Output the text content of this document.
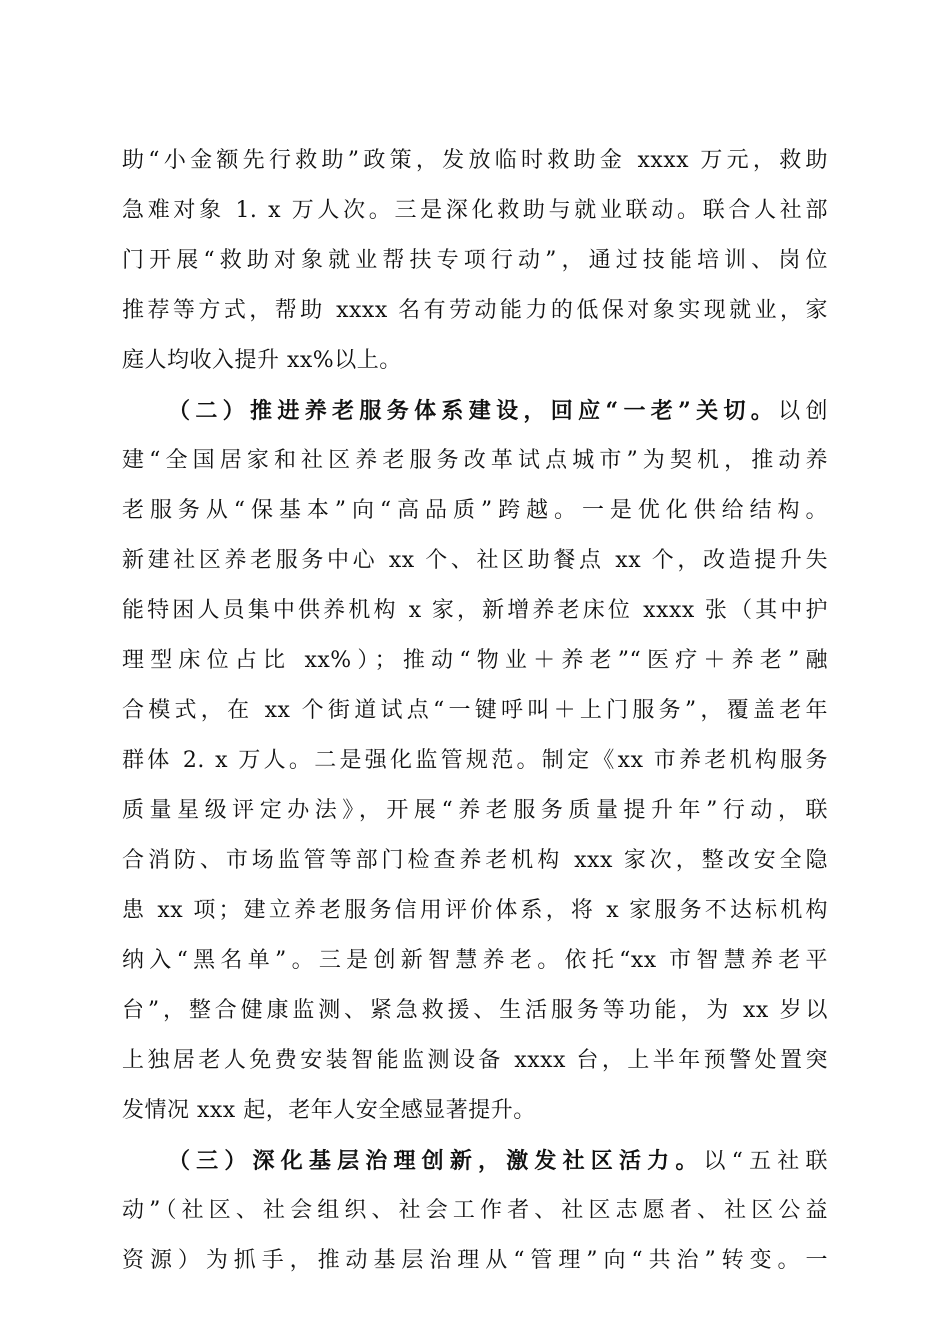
助“小金额先行救助”政策，发放临时救助金 xxxx 万元，救助
急难对象 1. x 万人次。三是深化救助与就业联动。联合人社部
门开展“救助对象就业帮扶专项行动”，通过技能培训、岗位
推荐等方式，帮助 xxxx 名有劳动能力的低保对象实现就业，家
庭人均收入提升 xx%以上。
（二）推进养老服务体系建设，回应“一老”关切。以创
建“全国居家和社区养老服务改革试点城市”为契机，推动养
老服务从“保基本”向“高品质”跨越。一是优化供给结构。
新建社区养老服务中心 xx 个、社区助餐点 xx 个，改造提升失
能特困人员集中供养机构 x 家，新增养老床位 xxxx 张（其中护
理型床位占比 xx%）；推动“物业＋养老”“医疗＋养老”融
合模式，在 xx 个街道试点“一键呼叫＋上门服务”，覆盖老年
群体 2. x 万人。二是强化监管规范。制定《xx 市养老机构服务
质量星级评定办法》，开展“养老服务质量提升年”行动，联
合消防、市场监管等部门检查养老机构 xxx 家次，整改安全隐
患 xx 项；建立养老服务信用评价体系，将 x 家服务不达标机构
纳入“黑名单”。三是创新智慧养老。依托“xx 市智慧养老平
台”，整合健康监测、紧急救援、生活服务等功能，为 xx 岁以
上独居老人免费安装智能监测设备 xxxx 台，上半年预警处置突
发情况 xxx 起，老年人安全感显著提升。
（三）深化基层治理创新，激发社区活力。以“五社联
动”（社区、社会组织、社会工作者、社区志愿者、社区公益
资源）为抓手，推动基层治理从“管理”向“共治”转变。一
